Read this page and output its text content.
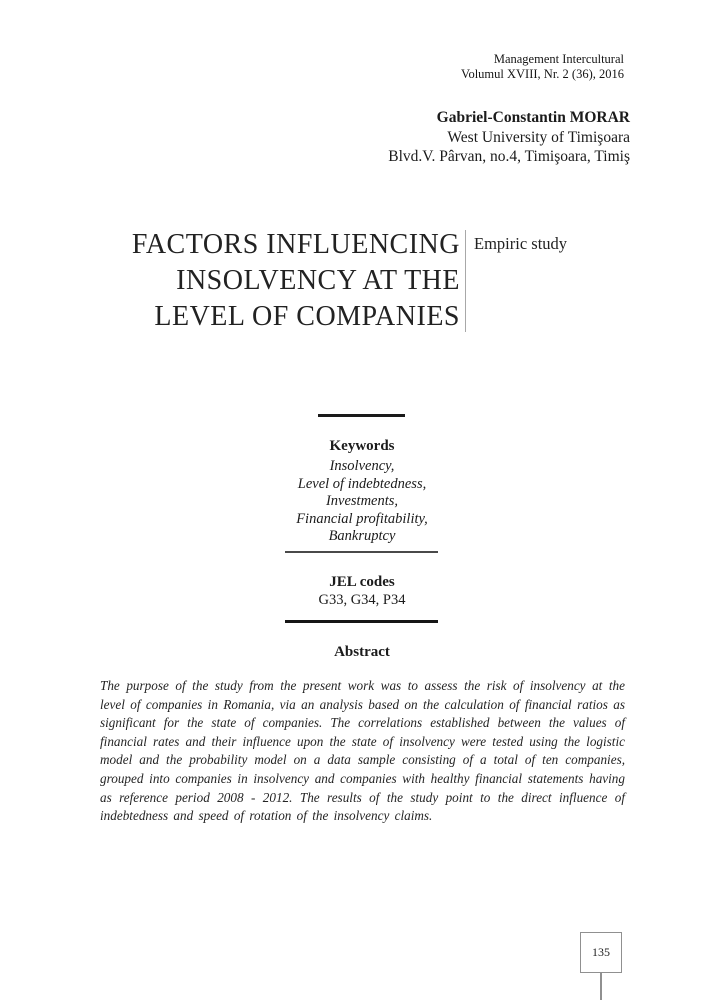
Management Intercultural
Volumul XVIII, Nr. 2 (36), 2016
Gabriel-Constantin MORAR
West University of Timişoara
Blvd.V. Pârvan, no.4, Timişoara, Timiş
FACTORS INFLUENCING
INSOLVENCY AT THE
LEVEL OF COMPANIES
Empiric study
Keywords
Insolvency,
Level of indebtedness,
Investments,
Financial profitability,
Bankruptcy
JEL codes
G33, G34, P34
Abstract
The purpose of the study from the present work was to assess the risk of insolvency at the level of companies in Romania, via an analysis based on the calculation of financial ratios as significant for the state of companies. The correlations established between the values of financial rates and their influence upon the state of insolvency were tested using the logistic model and the probability model on a data sample consisting of a total of ten companies, grouped into companies in insolvency and companies with healthy financial statements having as reference period 2008 - 2012. The results of the study point to the direct influence of indebtedness and speed of rotation of the insolvency claims.
135
